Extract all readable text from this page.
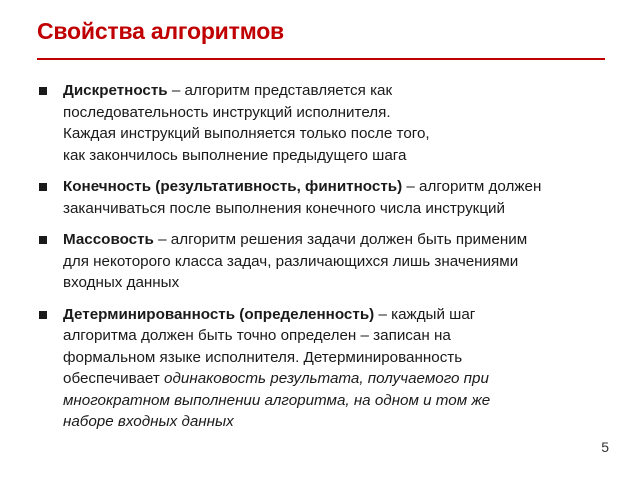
Свойства алгоритмов
Дискретность – алгоритм представляется как
последовательность инструкций исполнителя.
Каждая инструкций выполняется только после того,
как закончилось выполнение предыдущего шага
Конечность (результативность, финитность) – алгоритм должен
заканчиваться после выполнения конечного числа инструкций
Массовость – алгоритм решения задачи должен быть применим
для некоторого класса задач, различающихся лишь значениями
входных данных
Детерминированность (определенность) – каждый шаг
алгоритма должен быть точно определен – записан на
формальном языке исполнителя. Детерминированность
обеспечивает одинаковость результата, получаемого при
многократном выполнении алгоритма, на одном и том же
наборе входных данных
5
